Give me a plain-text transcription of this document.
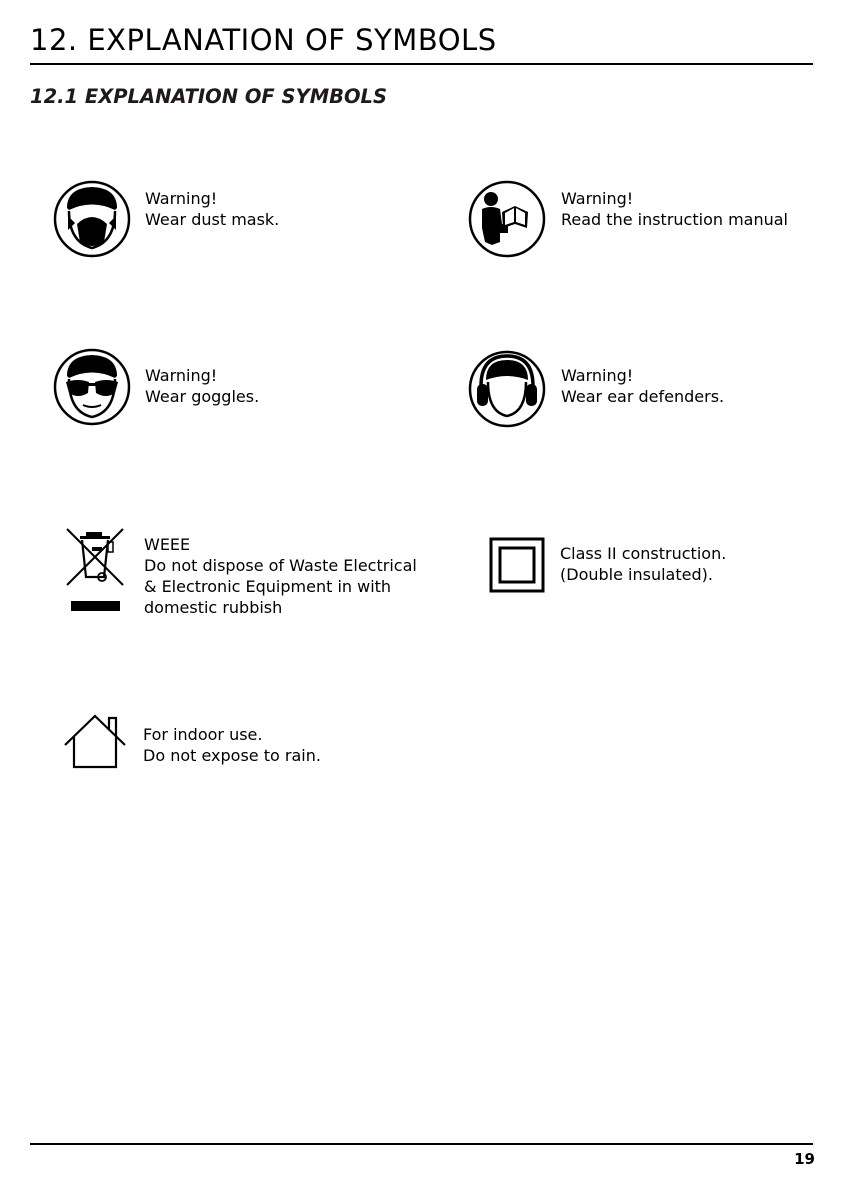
12. EXPLANATION OF SYMBOLS
12.1 EXPLANATION OF SYMBOLS
Warning!
Wear dust mask.
Warning!
Read the instruction manual
Warning!
Wear goggles.
Warning!
Wear ear defenders.
WEEE
Do not dispose of Waste Electrical
& Electronic Equipment in with
domestic rubbish
Class II construction.
(Double insulated).
For indoor use.
Do not expose to rain.
19
